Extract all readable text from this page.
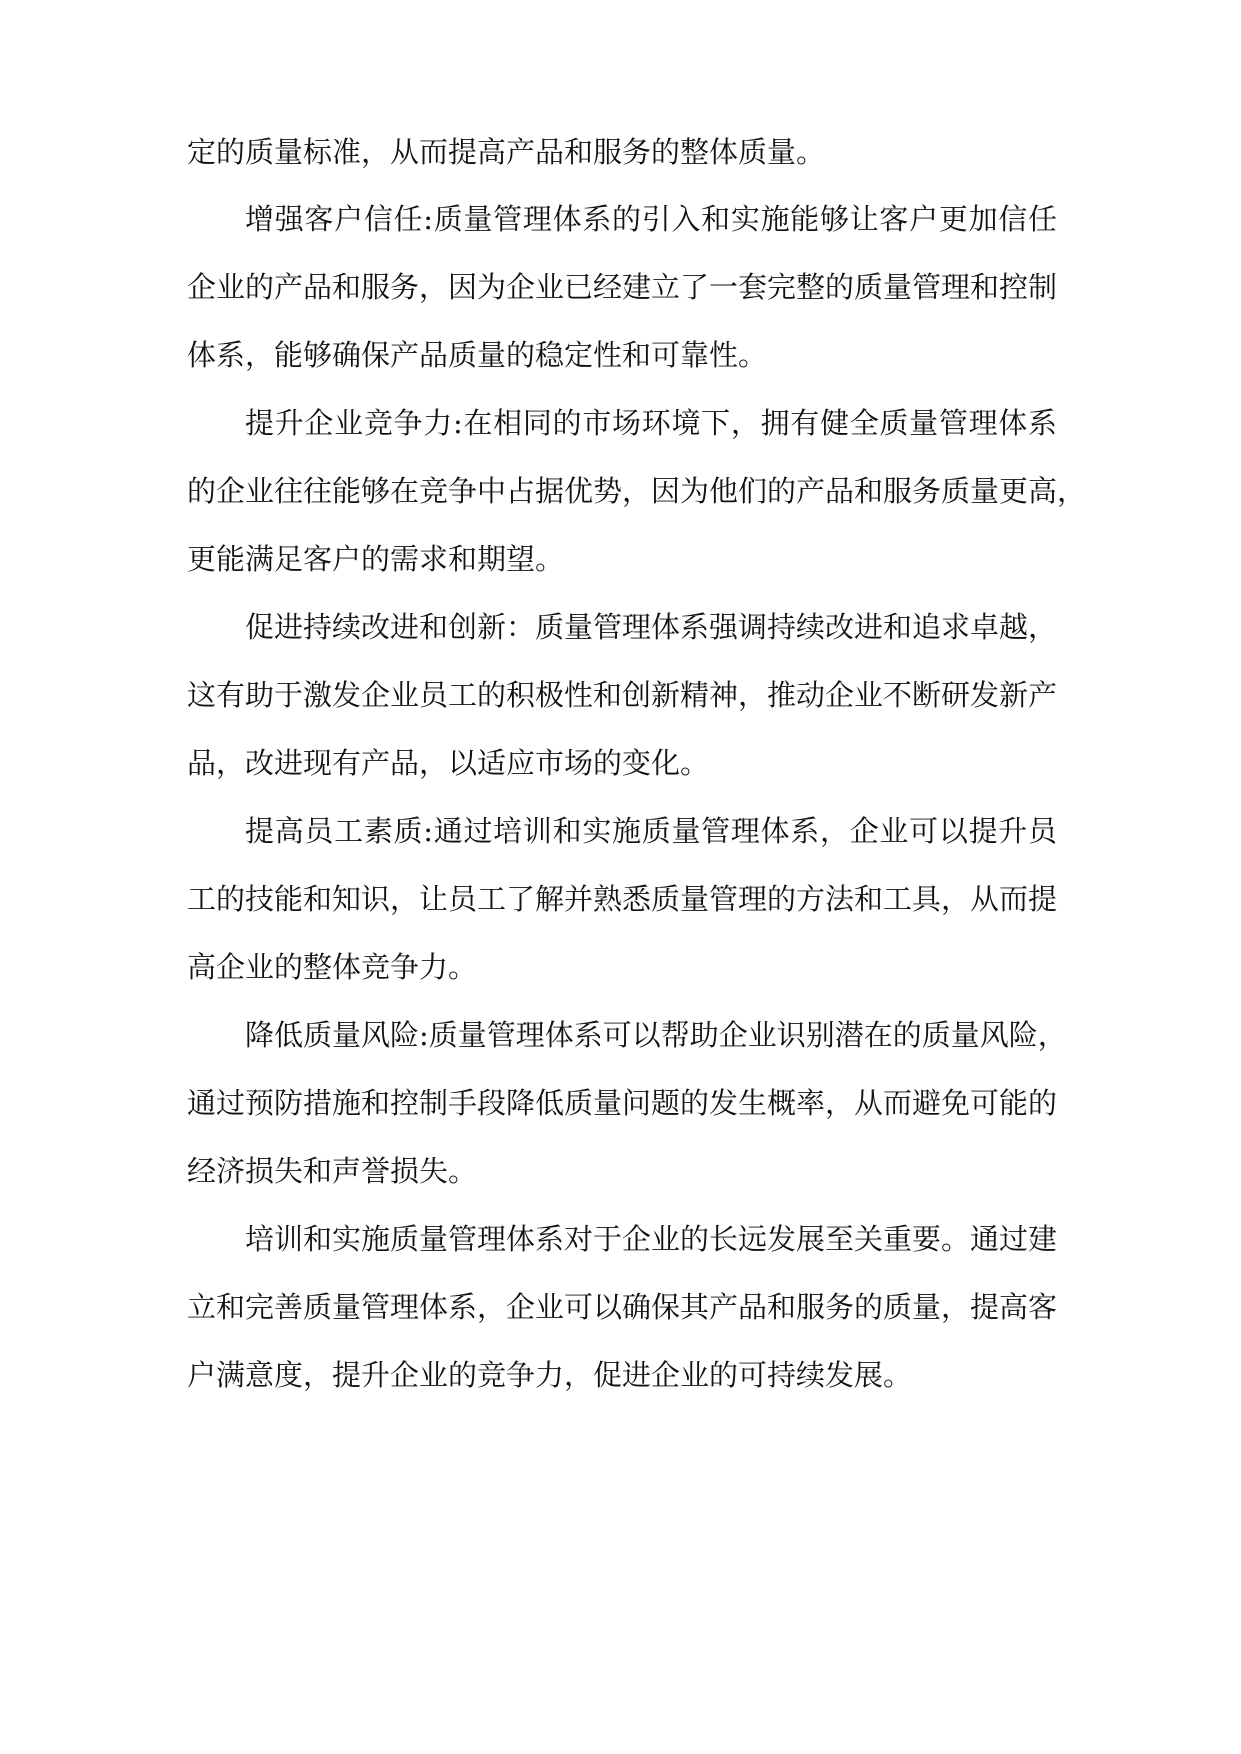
定的质量标准，从而提高产品和服务的整体质量。
增强客户信任:质量管理体系的引入和实施能够让客户更加信任
企业的产品和服务，因为企业已经建立了一套完整的质量管理和控制
体系，能够确保产品质量的稳定性和可靠性。
提升企业竞争力:在相同的市场环境下，拥有健全质量管理体系
的企业往往能够在竞争中占据优势，因为他们的产品和服务质量更高，
更能满足客户的需求和期望。
促进持续改进和创新：质量管理体系强调持续改进和追求卓越，
这有助于激发企业员工的积极性和创新精神，推动企业不断研发新产
品，改进现有产品，以适应市场的变化。
提高员工素质:通过培训和实施质量管理体系，企业可以提升员
工的技能和知识，让员工了解并熟悉质量管理的方法和工具，从而提
高企业的整体竞争力。
降低质量风险:质量管理体系可以帮助企业识别潜在的质量风险，
通过预防措施和控制手段降低质量问题的发生概率，从而避免可能的
经济损失和声誉损失。
培训和实施质量管理体系对于企业的长远发展至关重要。通过建
立和完善质量管理体系，企业可以确保其产品和服务的质量，提高客
户满意度，提升企业的竞争力，促进企业的可持续发展。
